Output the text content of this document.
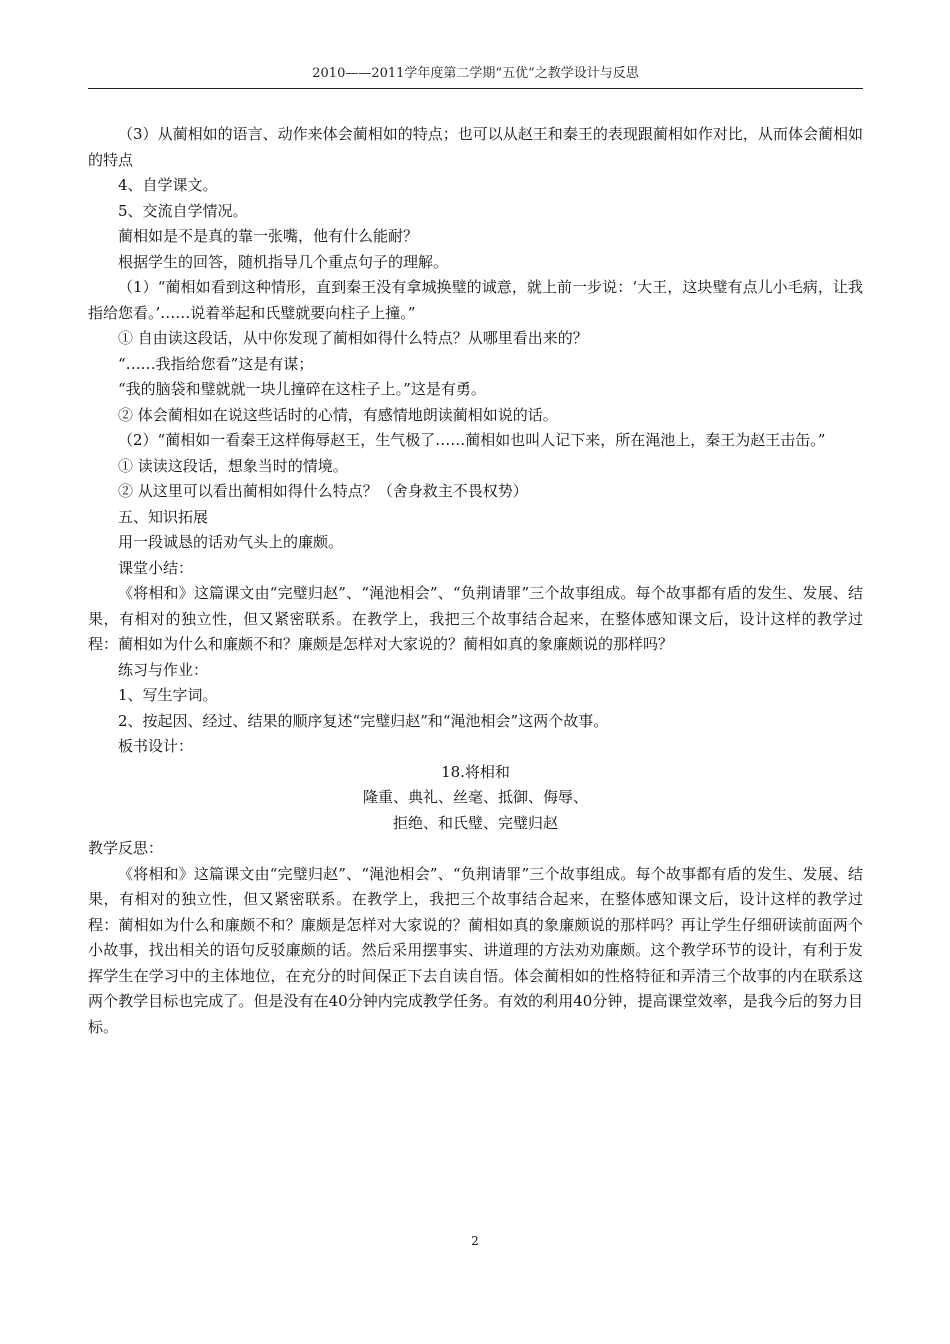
2010——2011学年度第二学期“五优”之教学设计与反思

（3）从蔺相如的语言、动作来体会蔺相如的特点；也可以从赵王和秦王的表现跟蔺相如作对比，从而体会蔺相如的特点

4、自学课文。

5、交流自学情况。

蔺相如是不是真的靠一张嘴，他有什么能耐？

根据学生的回答，随机指导几个重点句子的理解。

（1）“蔺相如看到这种情形，直到秦王没有拿城换璧的诚意，就上前一步说：‘大王，这块璧有点儿小毛病，让我指给您看。’……说着举起和氏璧就要向柱子上撞。”

① 自由读这段话，从中你发现了蔺相如得什么特点？从哪里看出来的？

“……我指给您看”这是有谋；

“我的脑袋和璧就就一块儿撞碎在这柱子上。”这是有勇。

② 体会蔺相如在说这些话时的心情，有感情地朗读蔺相如说的话。

（2）“蔺相如一看秦王这样侮辱赵王，生气极了……蔺相如也叫人记下来，所在渑池上，秦王为赵王击缶。”

① 读读这段话，想象当时的情境。

② 从这里可以看出蔺相如得什么特点？（舍身救主不畏权势）

五、知识拓展

用一段诚恳的话劝气头上的廉颇。

课堂小结：

《将相和》这篇课文由“完璧归赵”、“渑池相会”、“负荆请罪”三个故事组成。每个故事都有盾的发生、发展、结果，有相对的独立性，但又紧密联系。在教学上，我把三个故事结合起来，在整体感知课文后，设计这样的教学过程：蔺相如为什么和廉颇不和？廉颇是怎样对大家说的？蔺相如真的象廉颇说的那样吗？

练习与作业：

1、写生字词。

2、按起因、经过、结果的顺序复述“完璧归赵”和“渑池相会”这两个故事。

板书设计：

18.将相和

隆重、典礼、丝毫、抵御、侮辱、

拒绝、和氏璧、完璧归赵

教学反思：

《将相和》这篇课文由“完璧归赵”、“渑池相会”、“负荆请罪”三个故事组成。每个故事都有盾的发生、发展、结果，有相对的独立性，但又紧密联系。在教学上，我把三个故事结合起来，在整体感知课文后，设计这样的教学过程：蔺相如为什么和廉颇不和？廉颇是怎样对大家说的？蔺相如真的象廉颇说的那样吗？再让学生仔细研读前面两个小故事，找出相关的语句反驳廉颇的话。然后采用摆事实、讲道理的方法劝劝廉颇。这个教学环节的设计，有利于发挥学生在学习中的主体地位，在充分的时间保正下去自读自悟。体会蔺相如的性格特征和弄清三个故事的内在联系这两个教学目标也完成了。但是没有在40分钟内完成教学任务。有效的利用40分钟，提高课堂效率，是我今后的努力目标。

2
